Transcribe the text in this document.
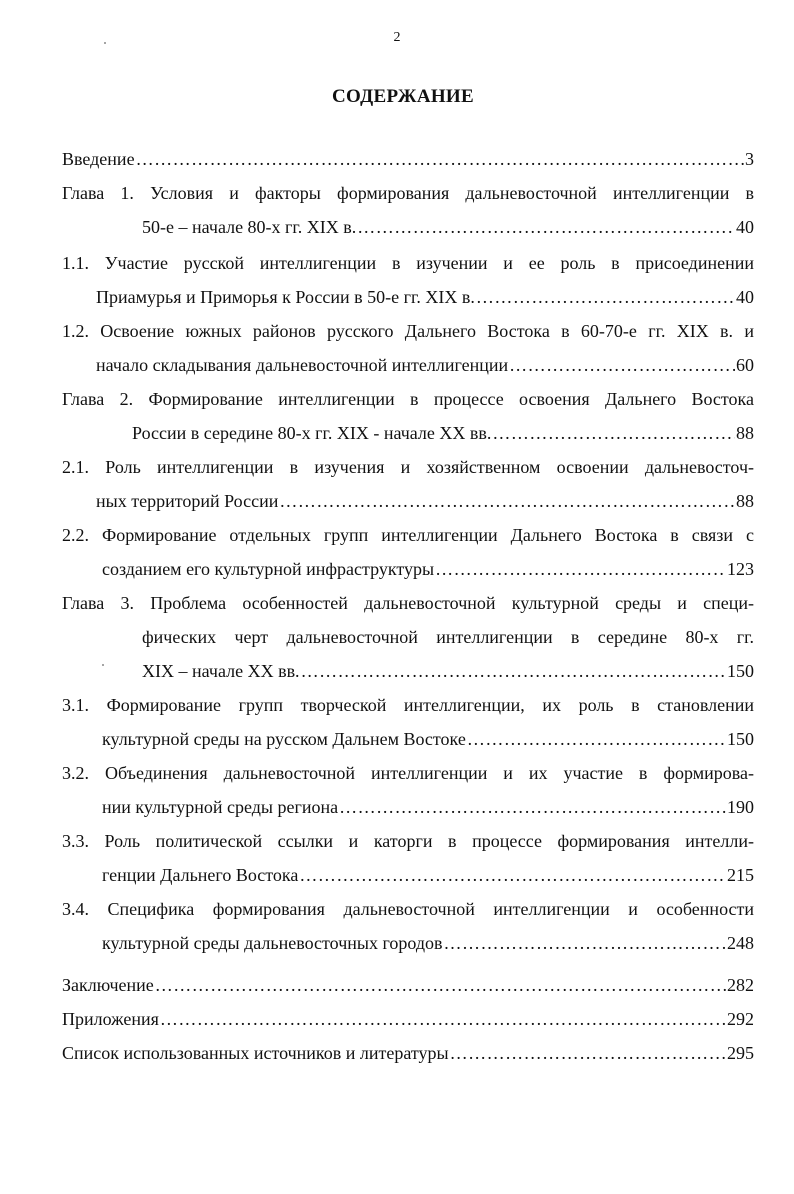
2
СОДЕРЖАНИЕ
Введение ……………………………………………………………………………………………………………………………………………………………………………………………………	3
Глава 1. Условия и факторы формирования дальневосточной интеллигенции в
50-е – начале 80-х гг. XIX в. ……………………………………………………………………………………………………………………………………………………………………………………………………	40
1.1. Участие русской интеллигенции в изучении и ее роль в присоединении
Приамурья и Приморья к России в 50-е гг. XIX в. ……………………………………………………………………………………………………………………………………………………………………………………………………	40
1.2. Освоение южных районов русского Дальнего Востока в 60-70-е гг. XIX в. и
начало складывания дальневосточной интеллигенции ……………………………………………………………………………………………………………………………………………………………………………………………………	60
Глава 2. Формирование интеллигенции в процессе освоения Дальнего Востока
России в середине 80-х гг. XIX - начале XX вв. ……………………………………………………………………………………………………………………………………………………………………………………………………	88
2.1. Роль интеллигенции в изучения и хозяйственном освоении дальневосточ-
ных территорий России ……………………………………………………………………………………………………………………………………………………………………………………………………	88
2.2. Формирование отдельных групп интеллигенции Дальнего Востока в связи с
созданием его культурной инфраструктуры ……………………………………………………………………………………………………………………………………………………………………………………………………	123
Глава 3. Проблема особенностей дальневосточной культурной среды и специ-
фических черт дальневосточной интеллигенции в середине 80-х гг.
XIX – начале XX вв. ……………………………………………………………………………………………………………………………………………………………………………………………………	150
3.1. Формирование групп творческой интеллигенции, их роль в становлении
культурной среды на русском Дальнем Востоке ……………………………………………………………………………………………………………………………………………………………………………………………………	150
3.2. Объединения дальневосточной интеллигенции и их участие в формирова-
нии культурной среды региона ……………………………………………………………………………………………………………………………………………………………………………………………………	190
3.3. Роль политической ссылки и каторги в процессе формирования интелли-
генции Дальнего Востока ……………………………………………………………………………………………………………………………………………………………………………………………………	215
3.4. Специфика формирования дальневосточной интеллигенции и особенности
культурной среды дальневосточных городов ……………………………………………………………………………………………………………………………………………………………………………………………………	248
Заключение ……………………………………………………………………………………………………………………………………………………………………………………………………	282
Приложения ……………………………………………………………………………………………………………………………………………………………………………………………………	292
Список использованных источников и литературы ……………………………………………………………………………………………………………………………………………………………………………………………………	295
